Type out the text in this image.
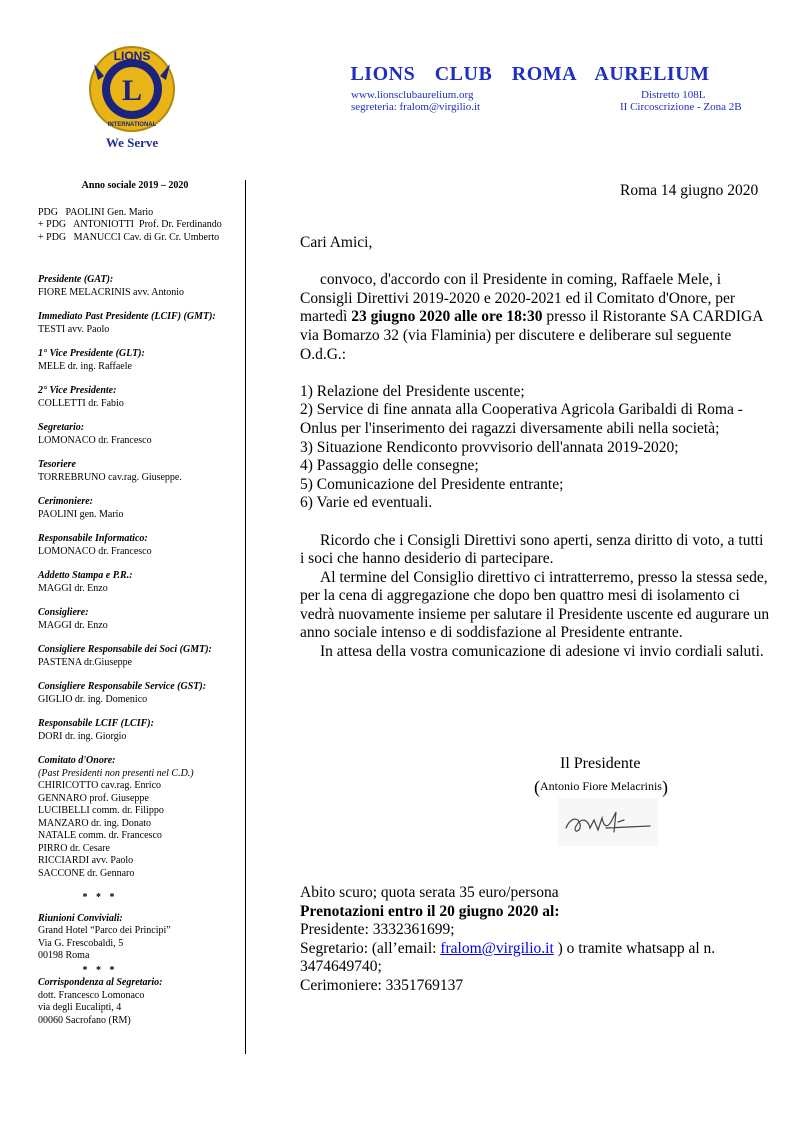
LIONS
L
INTERNATIONAL
We Serve
LIONS CLUB ROMA AURELIUM
www.lionsclubaurelium.org
segreteria: fralom@virgilio.it
Distretto 108L
II Circoscrizione - Zona 2B
Anno sociale 2019 – 2020
PDG   PAOLINI Gen. Mario
+ PDG   ANTONIOTTI  Prof. Dr. Ferdinando
+ PDG   MANUCCI Cav. di Gr. Cr. Umberto
Presidente (GAT):
FIORE MELACRINIS avv. Antonio
Immediato Past Presidente (LCIF) (GMT):
TESTI avv. Paolo
1° Vice Presidente (GLT):
MELE dr. ing. Raffaele
2° Vice Presidente:
COLLETTI dr. Fabio
Segretario:
LOMONACO dr. Francesco
Tesoriere
TORREBRUNO cav.rag. Giuseppe.
Cerimoniere:
PAOLINI gen. Mario
Responsabile Informatico:
LOMONACO dr. Francesco
Addetto Stampa e P.R.:
MAGGI dr. Enzo
Consigliere:
MAGGI dr. Enzo
Consigliere Responsabile dei Soci (GMT):
PASTENA dr.Giuseppe
Consigliere Responsabile Service (GST):
GIGLIO dr. ing. Domenico
Responsabile LCIF (LCIF):
DORI dr. ing. Giorgio
Comitato d'Onore:
(Past Presidenti non presenti nel C.D.)
CHIRICOTTO cav.rag. Enrico
GENNARO prof. Giuseppe
LUCIBELLI comm. dr. Filippo
MANZARO dr. ing. Donato
NATALE comm. dr. Francesco
PIRRO dr. Cesare
RICCIARDI avv. Paolo
SACCONE dr. Gennaro
* * *
Riunioni Conviviali:
Grand Hotel “Parco dei Principi”
Via G. Frescobaldi, 5
00198 Roma
* * *
Corrispondenza al Segretario:
dott. Francesco Lomonaco
via degli Eucalipti, 4
00060 Sacrofano (RM)
Roma 14 giugno 2020

Cari Amici,

convoco, d'accordo con il Presidente in coming, Raffaele Mele, i Consigli Direttivi 2019-2020 e 2020-2021 ed il Comitato d'Onore, per martedì 23 giugno 2020 alle ore 18:30 presso il Ristorante SA CARDIGA via Bomarzo 32 (via Flaminia) per discutere e deliberare sul seguente O.d.G.:

1) Relazione del Presidente uscente;

2) Service di fine annata alla Cooperativa Agricola Garibaldi di Roma - Onlus per l'inserimento dei ragazzi diversamente abili nella società;

3) Situazione Rendiconto provvisorio dell'annata 2019-2020;

4) Passaggio delle consegne;

5) Comunicazione del Presidente entrante;

6) Varie ed eventuali.

Ricordo che i Consigli Direttivi sono aperti, senza diritto di voto, a tutti i soci che hanno desiderio di partecipare.

Al termine del Consiglio direttivo ci intratterremo, presso la stessa sede, per la cena di aggregazione che dopo ben quattro mesi di isolamento ci vedrà nuovamente insieme per salutare il Presidente uscente ed augurare un anno sociale intenso e di soddisfazione al Presidente entrante.

In attesa della vostra comunicazione di adesione vi invio cordiali saluti.

Il Presidente
(Antonio Fiore Melacrinis)

Abito scuro; quota serata 35 euro/persona

Prenotazioni entro il 20 giugno 2020 al:

Presidente: 3332361699;

Segretario: (all’email: fralom@virgilio.it ) o tramite whatsapp al n. 3474649740;

Cerimoniere: 3351769137
